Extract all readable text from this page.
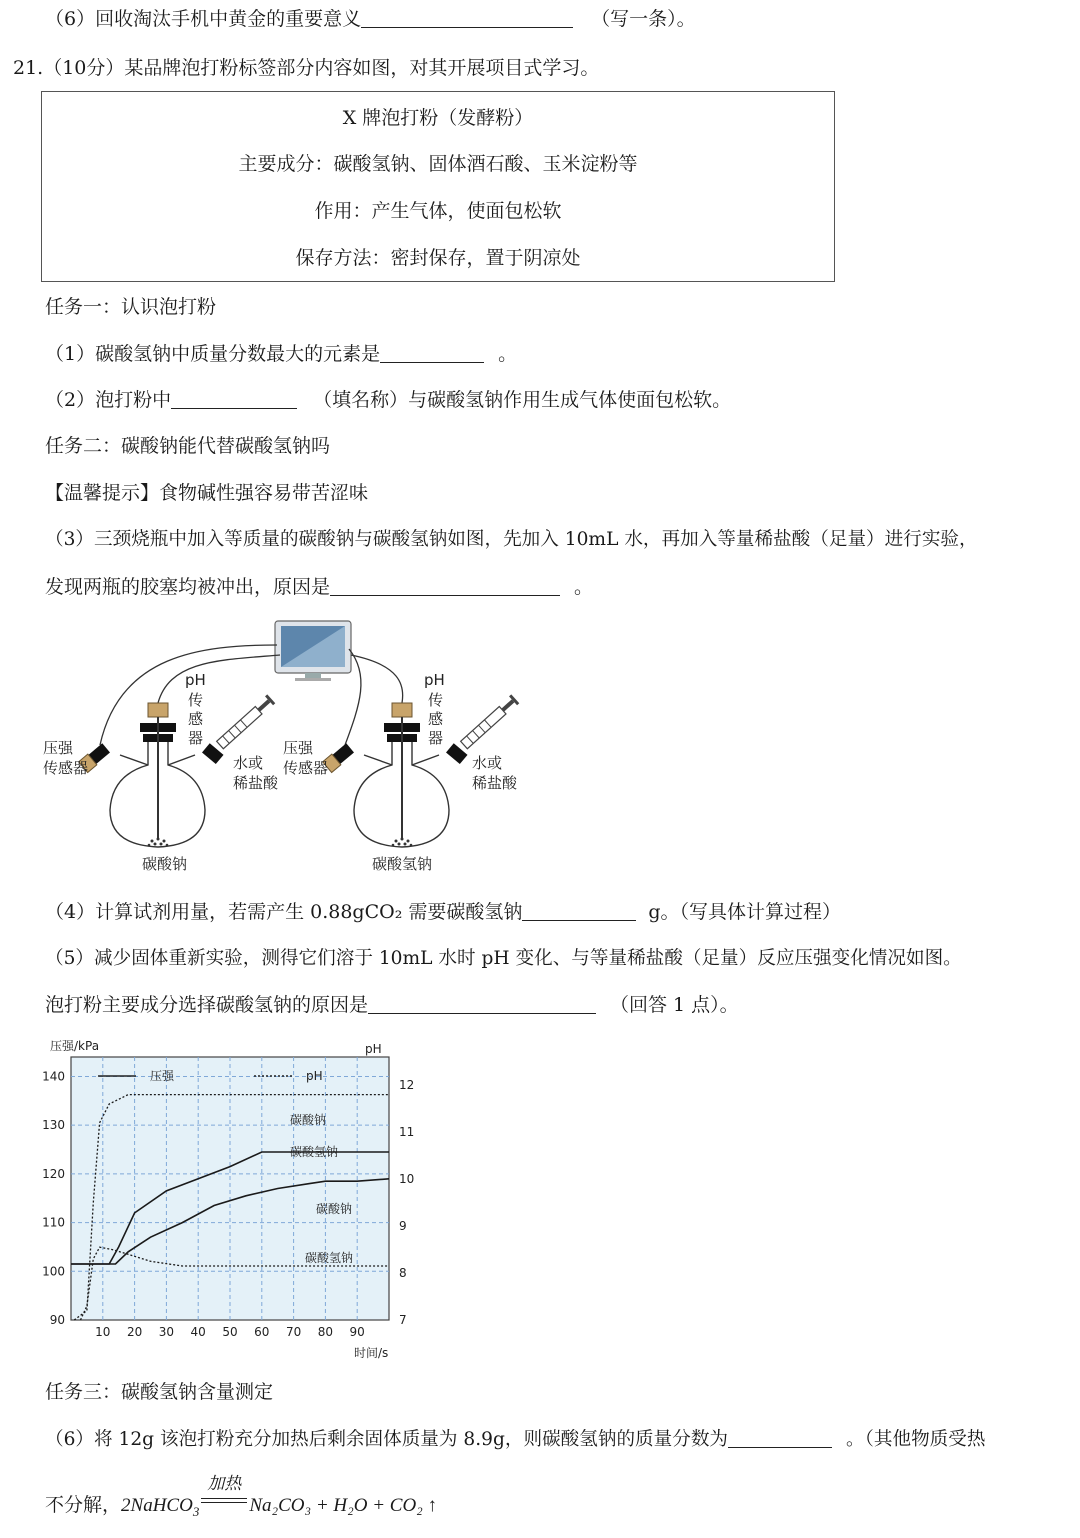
（6）回收淘汰手机中黄金的重要意义	（写一条）。
21.（10分）某品牌泡打粉标签部分内容如图，对其开展项目式学习。
X 牌泡打粉（发酵粉）
主要成分：碳酸氢钠、固体酒石酸、玉米淀粉等
作用：产生气体，使面包松软
保存方法：密封保存，置于阴凉处
任务一：认识泡打粉
（1）碳酸氢钠中质量分数最大的元素是	。
（2）泡打粉中	（填名称）与碳酸氢钠作用生成气体使面包松软。
任务二：碳酸钠能代替碳酸氢钠吗
【温馨提示】食物碱性强容易带苦涩味
（3）三颈烧瓶中加入等质量的碳酸钠与碳酸氢钠如图，先加入 10mL 水，再加入等量稀盐酸（足量）进行实验，
发现两瓶的胶塞均被冲出，原因是	。
pH
传
感
器
压强
传感器	水或
稀盐酸
碳酸钠
pH
传
感
器
压强
传感器	水或
稀盐酸
碳酸氢钠
（4）计算试剂用量，若需产生 0.88gCO₂ 需要碳酸氢钠	g。（写具体计算过程）
（5）减少固体重新实验，测得它们溶于 10mL 水时 pH 变化、与等量稀盐酸（足量）反应压强变化情况如图。
泡打粉主要成分选择碳酸氢钠的原因是	（回答 1 点）。
10 20 30 40 50 60 70 80 90
90
100
110
120
130
140
7
8
9
10
11
12
压强/kPa	pH
时间/s
压强	pH
碳酸钠
碳酸氢钠
碳酸钠
碳酸氢钠
任务三：碳酸氢钠含量测定
（6）将 12g 该泡打粉充分加热后剩余固体质量为 8.9g，则碳酸氢钠的质量分数为	。（其他物质受热
不分解，2NaHCO$_3$
加热
Na₂CO₃ + H₂O + CO₂ ↑
